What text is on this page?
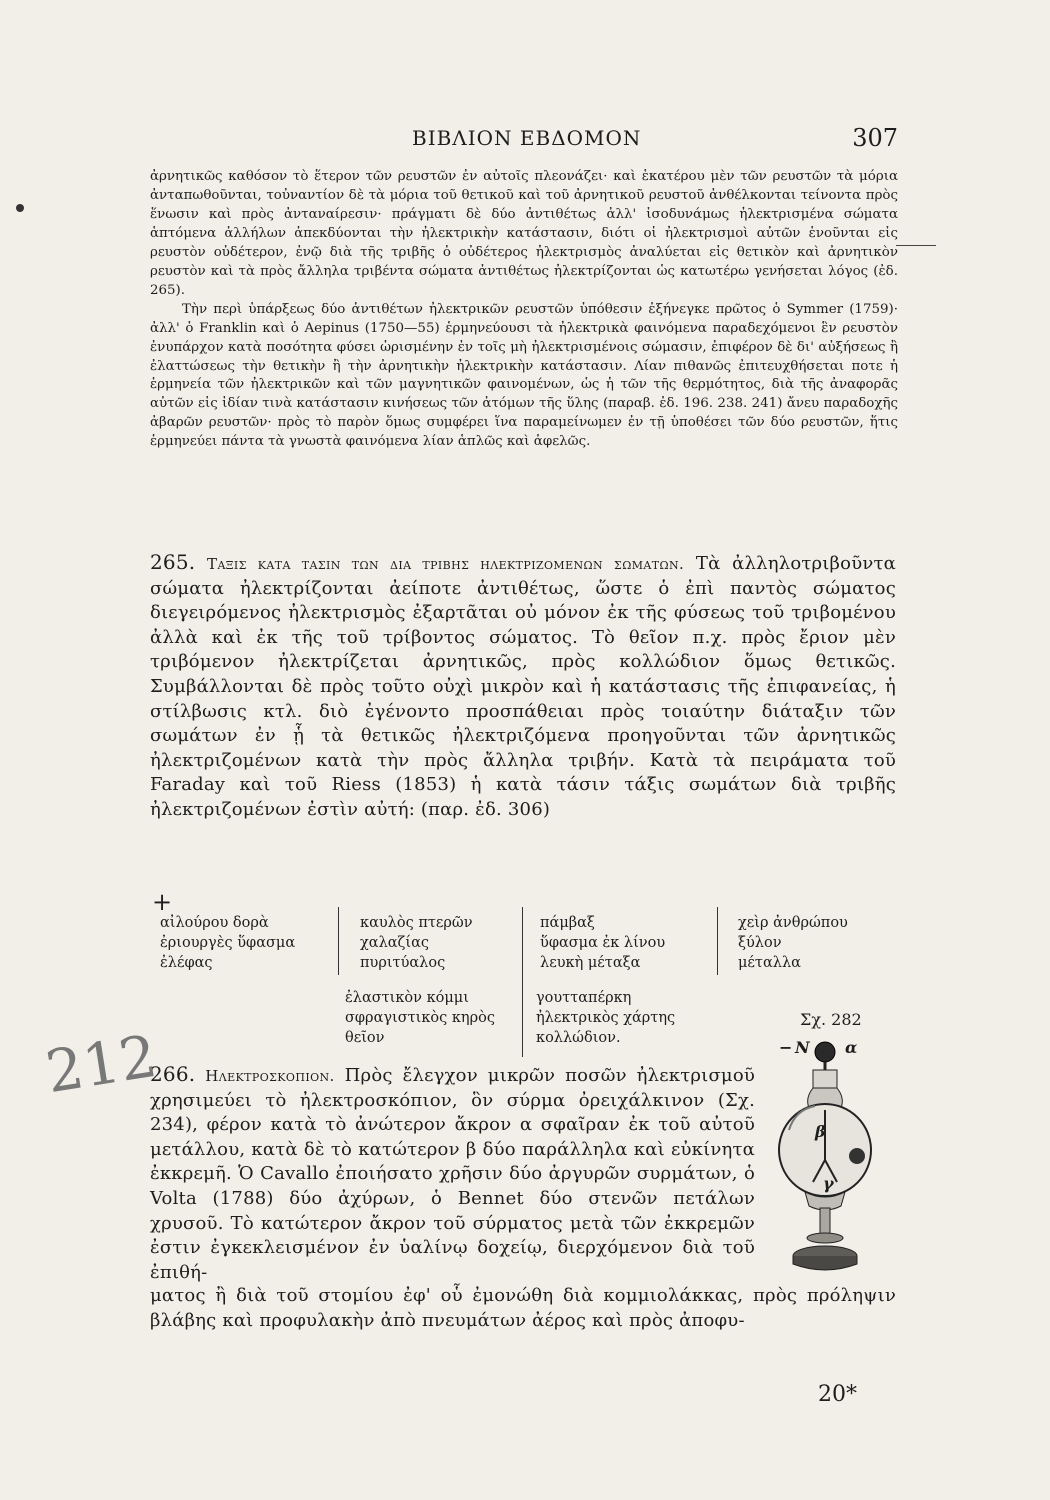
ΒΙΒΛΙΟΝ ΕΒΔΟΜΟΝ	307

ἀρνητικῶς καθόσον τὸ ἕτερον τῶν ρευστῶν ἐν αὐτοῖς πλεονάζει· καὶ ἑκατέρου μὲν τῶν ρευστῶν τὰ μόρια ἀνταπωθοῦνται, τοὐναντίον δὲ τὰ μόρια τοῦ θετικοῦ καὶ τοῦ ἀρνητικοῦ ρευστοῦ ἀνθέλκονται τείνοντα πρὸς ἕνωσιν καὶ πρὸς ἀνταναίρεσιν· πράγματι δὲ δύο ἀντιθέτως ἀλλ' ἰσοδυνάμως ἠλεκτρισμένα σώματα ἁπτόμενα ἀλλήλων ἀπεκδύονται τὴν ἠλεκτρικὴν κατάστασιν, διότι οἱ ἠλεκτρισμοὶ αὐτῶν ἑνοῦνται εἰς ρευστὸν οὐδέτερον, ἐνῷ διὰ τῆς τριβῆς ὁ οὐδέτερος ἠλεκτρισμὸς ἀναλύεται εἰς θετικὸν καὶ ἀρνητικὸν ρευστὸν καὶ τὰ πρὸς ἄλληλα τριβέντα σώματα ἀντιθέτως ἠλεκτρίζονται ὡς κατωτέρω γενήσεται λόγος (ἐδ. 265).

Τὴν περὶ ὑπάρξεως δύο ἀντιθέτων ἠλεκτρικῶν ρευστῶν ὑπόθεσιν ἐξήνεγκε πρῶτος ὁ Symmer (1759)· ἀλλ' ὁ Franklin καὶ ὁ Aepinus (1750—55) ἑρμηνεύουσι τὰ ἠλεκτρικὰ φαινόμενα παραδεχόμενοι ἓν ρευστὸν ἐνυπάρχον κατὰ ποσότητα φύσει ὡρισμένην ἐν τοῖς μὴ ἠλεκτρισμένοις σώμασιν, ἐπιφέρον δὲ δι' αὐξήσεως ἢ ἐλαττώσεως τὴν θετικὴν ἢ τὴν ἀρνητικὴν ἠλεκτρικὴν κατάστασιν. Λίαν πιθανῶς ἐπιτευχθήσεται ποτε ἡ ἑρμηνεία τῶν ἠλεκτρικῶν καὶ τῶν μαγνητικῶν φαινομένων, ὡς ἡ τῶν τῆς θερμότητος, διὰ τῆς ἀναφορᾶς αὐτῶν εἰς ἰδίαν τινὰ κατάστασιν κινήσεως τῶν ἀτόμων τῆς ὕλης (παραβ. ἐδ. 196. 238. 241) ἄνευ παραδοχῆς ἀβαρῶν ρευστῶν· πρὸς τὸ παρὸν ὅμως συμφέρει ἵνα παραμείνωμεν ἐν τῇ ὑποθέσει τῶν δύο ρευστῶν, ἥτις ἑρμηνεύει πάντα τὰ γνωστὰ φαινόμενα λίαν ἁπλῶς καὶ ἀφελῶς.

265. Ταξις κατα τασιν των δια τριβης ηλεκτριζομενων σωματων. Τὰ ἀλληλοτριβοῦντα σώματα ἠλεκτρίζονται ἀείποτε ἀντιθέτως, ὥστε ὁ ἐπὶ παντὸς σώματος διεγειρόμενος ἠλεκτρισμὸς ἐξαρτᾶται οὐ μόνον ἐκ τῆς φύσεως τοῦ τριβομένου ἀλλὰ καὶ ἐκ τῆς τοῦ τρίβοντος σώματος. Τὸ θεῖον π.χ. πρὸς ἔριον μὲν τριβόμενον ἠλεκτρίζεται ἀρνητικῶς, πρὸς κολλώδιον ὅμως θετικῶς. Συμβάλλονται δὲ πρὸς τοῦτο οὐχὶ μικρὸν καὶ ἡ κατάστασις τῆς ἐπιφανείας, ἡ στίλβωσις κτλ. διὸ ἐγένοντο προσπάθειαι πρὸς τοιαύτην διάταξιν τῶν σωμάτων ἐν ᾗ τὰ θετικῶς ἠλεκτριζόμενα προηγοῦνται τῶν ἀρνητικῶς ἠλεκτριζομένων κατὰ τὴν πρὸς ἄλληλα τριβήν. Κατὰ τὰ πειράματα τοῦ Faraday καὶ τοῦ Riess (1853) ἡ κατὰ τάσιν τάξις σωμάτων διὰ τριβῆς ἠλεκτριζομένων ἐστὶν αὐτή: (παρ. ἐδ. 306)

+
αἰλούρου δορὰ
ἐριουργὲς ὕφασμα
ἐλέφας
καυλὸς πτερῶν
χαλαζίας
πυριτύαλος
ἐλαστικὸν κόμμι
σφραγιστικὸς κηρὸς
θεῖον
πάμβαξ
ὕφασμα ἐκ λίνου
λευκὴ μέταξα
γουτταπέρκη
ἠλεκτρικὸς χάρτης
κολλώδιον.
χεὶρ ἀνθρώπου
ξύλον
μέταλλα
Σχ. 282
− Ν α
β
γ

266. Ηλεκτροσκοπιον. Πρὸς ἔλεγχον μικρῶν ποσῶν ἠλεκτρισμοῦ χρησιμεύει τὸ ἠλεκτροσκόπιον, ὃν σύρμα ὀρειχάλκινον (Σχ. 234), φέρον κατὰ τὸ ἀνώτερον ἄκρον α σφαῖραν ἐκ τοῦ αὐτοῦ μετάλλου, κατὰ δὲ τὸ κατώτερον β δύο παράλληλα καὶ εὐκίνητα ἐκκρεμῆ. Ὁ Cavallo ἐποιήσατο χρῆσιν δύο ἀργυρῶν συρμάτων, ὁ Volta (1788) δύο ἀχύρων, ὁ Bennet δύο στενῶν πετάλων χρυσοῦ. Τὸ κατώτερον ἄκρον τοῦ σύρματος μετὰ τῶν ἐκκρεμῶν ἐστιν ἐγκεκλεισμένον ἐν ὑαλίνῳ δοχείῳ, διερχόμενον διὰ τοῦ ἐπιθή-

ματος ἢ διὰ τοῦ στομίου ἐφ' οὗ ἐμονώθη διὰ κομμιολάκκας, πρὸς πρόληψιν βλάβης καὶ προφυλακὴν ἀπὸ πνευμάτων ἀέρος καὶ πρὸς ἀποφυ-

20*
212
